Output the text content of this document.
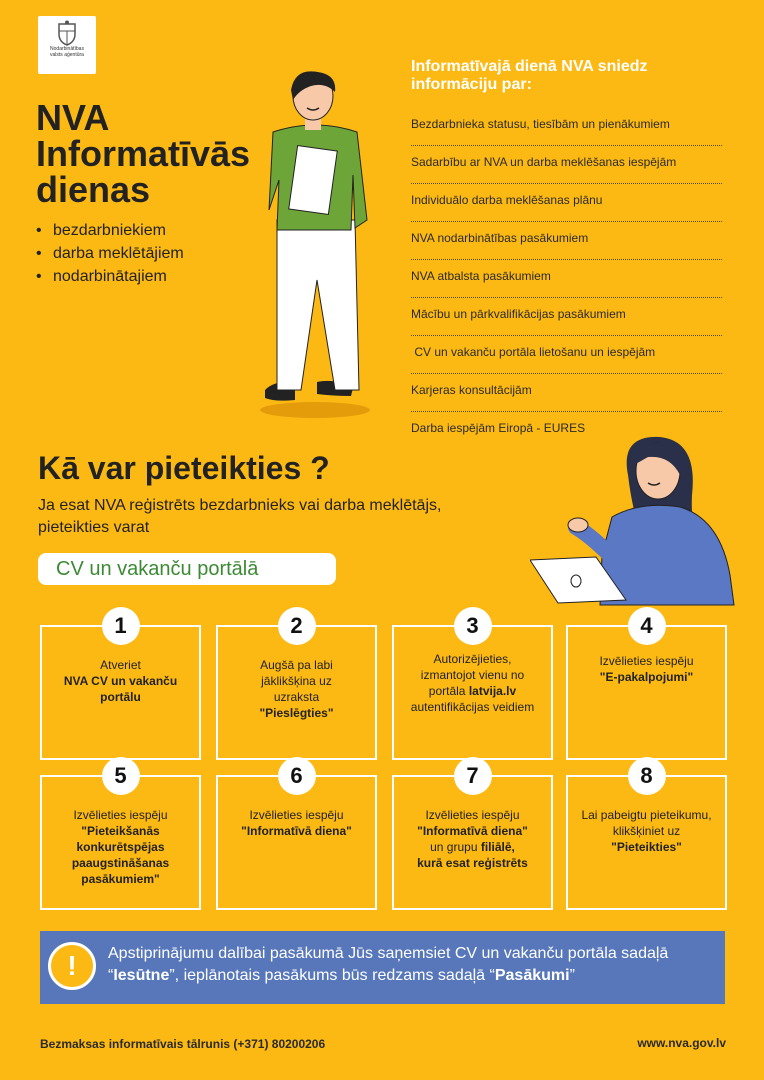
Nodarbinātības
valsts aģentūra
NVA
Informatīvās
dienas
• bezdarbniekiem
• darba meklētājiem
• nodarbinātajiem
Informatīvajā dienā NVA sniedz informāciju par:
Bezdarbnieka statusu, tiesībām un pienākumiem
Sadarbību ar NVA un darba meklēšanas iespējām
Individuālo darba meklēšanas plānu
NVA nodarbinātības pasākumiem
NVA atbalsta pasākumiem
Mācību un pārkvalifikācijas pasākumiem
CV un vakanču portāla lietošanu un iespējām
Karjeras konsultācijām
Darba iespējām Eiropā - EURES
Kā var pieteikties ?
Ja esat NVA reģistrēts bezdarbnieks vai darba meklētājs, pieteikties varat
CV un vakanču portālā
1
Atveriet
NVA CV un vakanču portālu
2
Augšā pa labi jāklikšķina uz uzraksta
"Pieslēgties"
3
Autorizējieties, izmantojot vienu no portāla latvija.lv autentifikācijas veidiem
4
Izvēlieties iespēju
"E-pakalpojumi"
5
Izvēlieties iespēju
"Pieteikšanās konkurētspējas paaugstināšanas pasākumiem"
6
Izvēlieties iespēju
"Informatīvā diena"
7
Izvēlieties iespēju
"Informatīvā diena"
un grupu filiālē,
kurā esat reģistrēts
8
Lai pabeigtu pieteikumu, klikšķiniet uz
"Pieteikties"
!	Apstiprinājumu dalībai pasākumā Jūs saņemsiet CV un vakanču portāla sadaļā “Iesūtne”, ieplānotais pasākums būs redzams sadaļā “Pasākumi”
Bezmaksas informatīvais tālrunis (+371) 80200206	www.nva.gov.lv
